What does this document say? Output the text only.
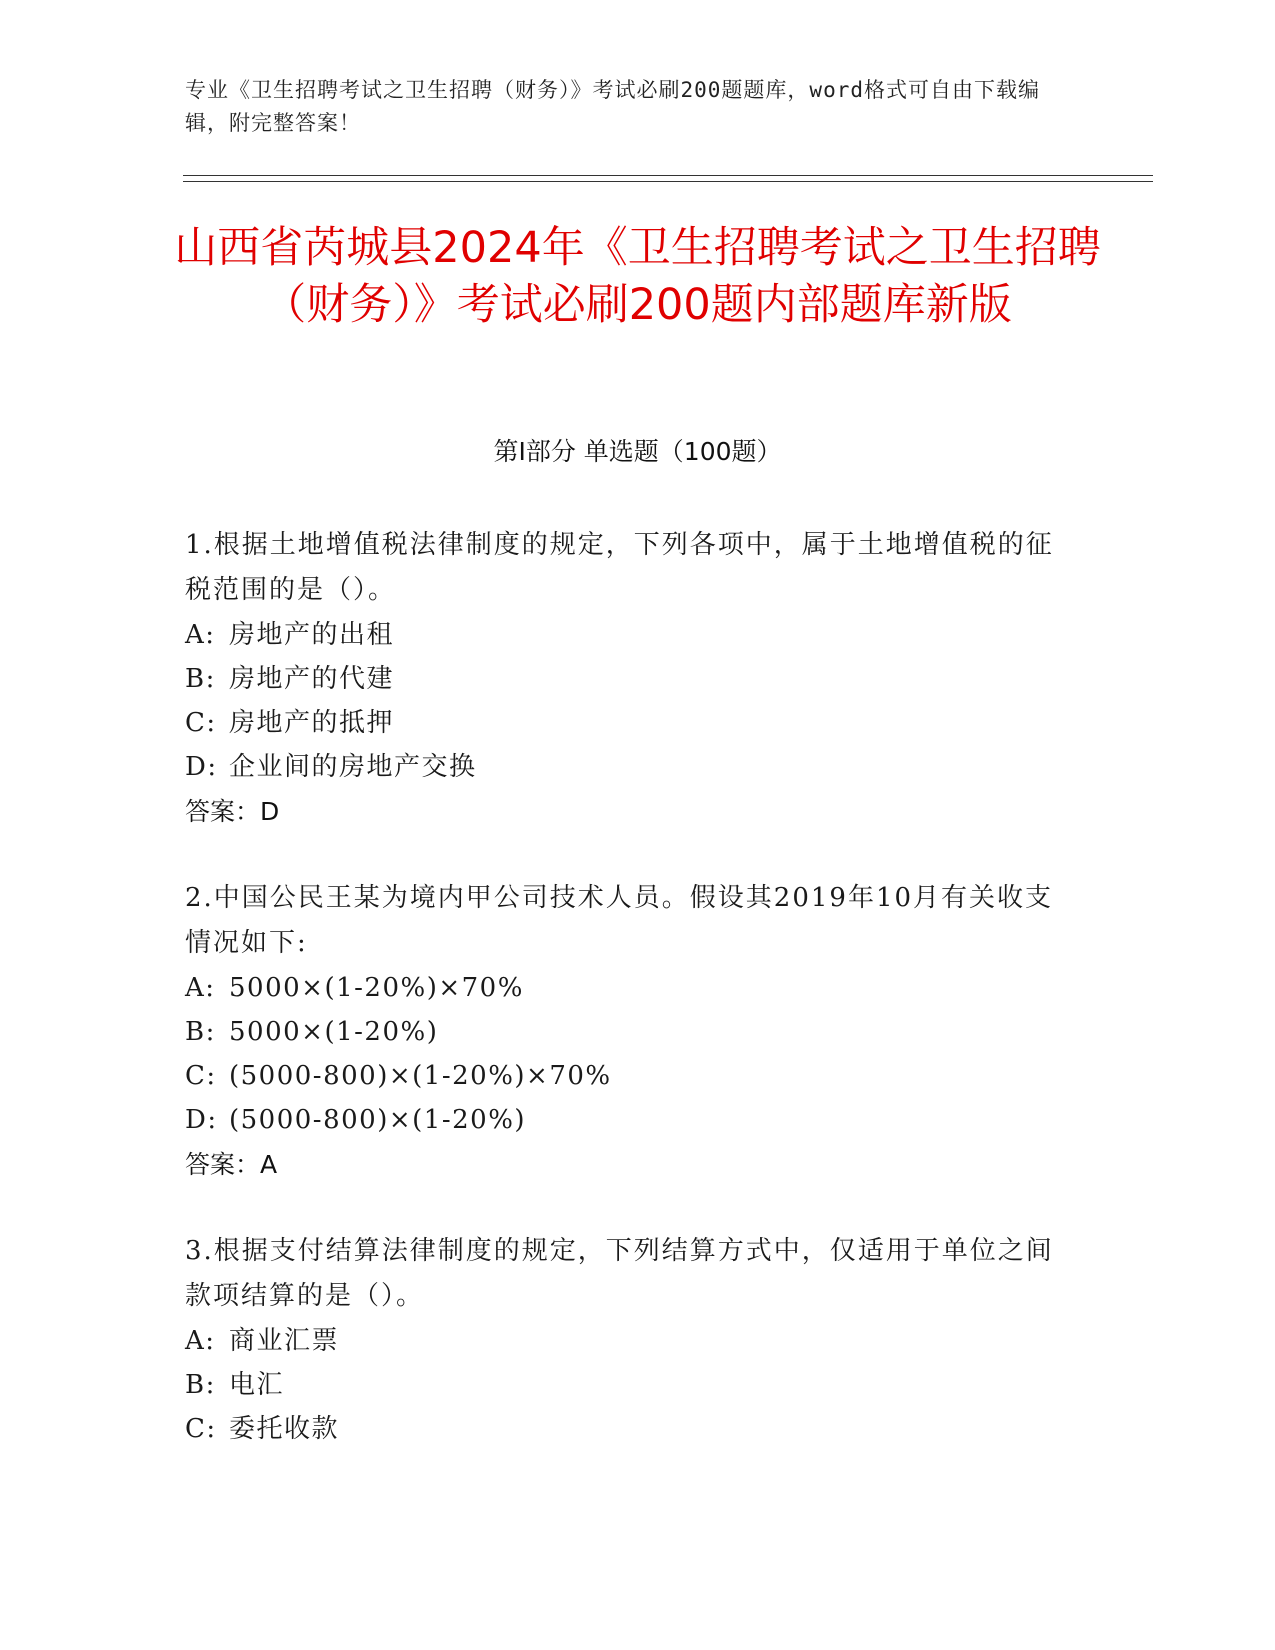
专业《卫生招聘考试之卫生招聘（财务）》考试必刷200题题库，word格式可自由下载编辑，附完整答案！
山西省芮城县2024年《卫生招聘考试之卫生招聘（财务）》考试必刷200题内部题库新版
第Ⅰ部分 单选题（100题）

1.根据土地增值税法律制度的规定，下列各项中，属于土地增值税的征税范围的是（）。

A: 房地产的出租

B: 房地产的代建

C: 房地产的抵押

D: 企业间的房地产交换

答案：D

2.中国公民王某为境内甲公司技术人员。假设其2019年10月有关收支情况如下:

A: 5000×(1-20%)×70%

B: 5000×(1-20%)

C: (5000-800)×(1-20%)×70%

D: (5000-800)×(1-20%)

答案：A

3.根据支付结算法律制度的规定，下列结算方式中，仅适用于单位之间款项结算的是（）。

A: 商业汇票

B: 电汇

C: 委托收款
